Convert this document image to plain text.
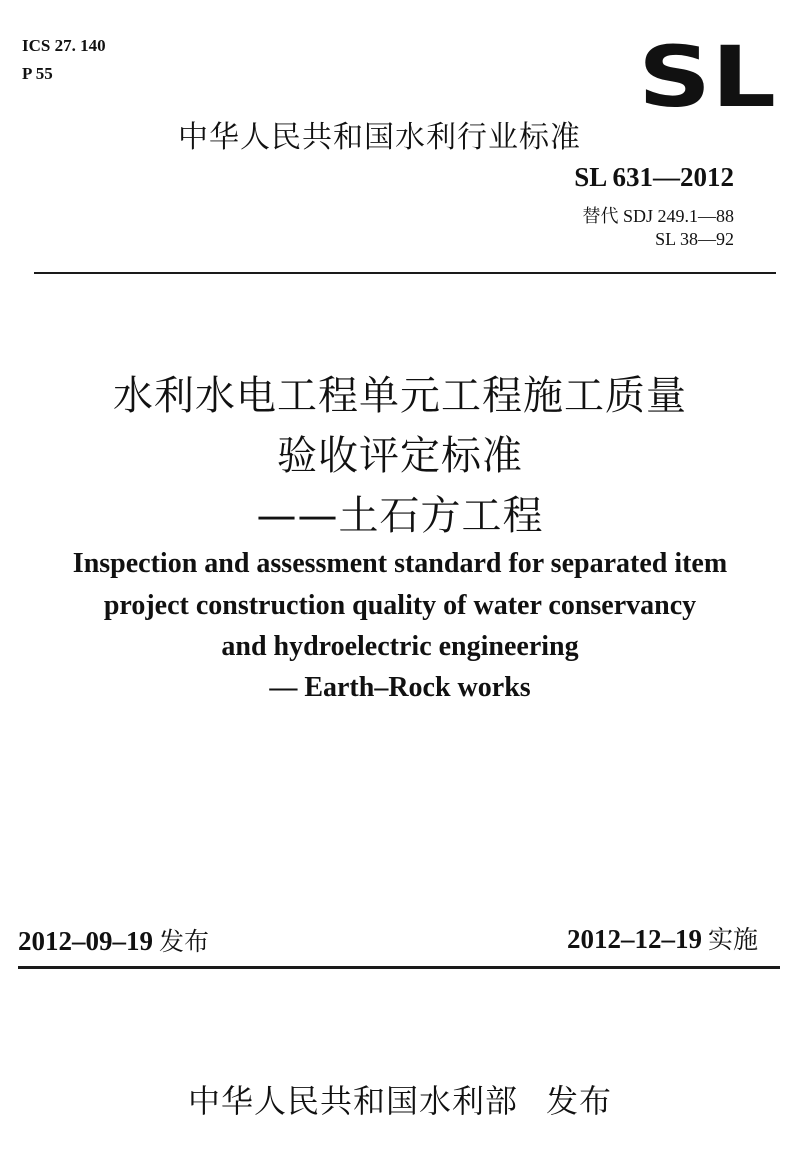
ICS 27. 140
P 55	SL
中华人民共和国水利行业标准
SL 631—2012
替代 SDJ 249.1—88
SL 38—92
水利水电工程单元工程施工质量
验收评定标准
——土石方工程
Inspection and assessment standard for separated item
project construction quality of water conservancy
and hydroelectric engineering
— Earth–Rock works
2012–09–19 发布	2012–12–19 实施
中华人民共和国水利部 发布
